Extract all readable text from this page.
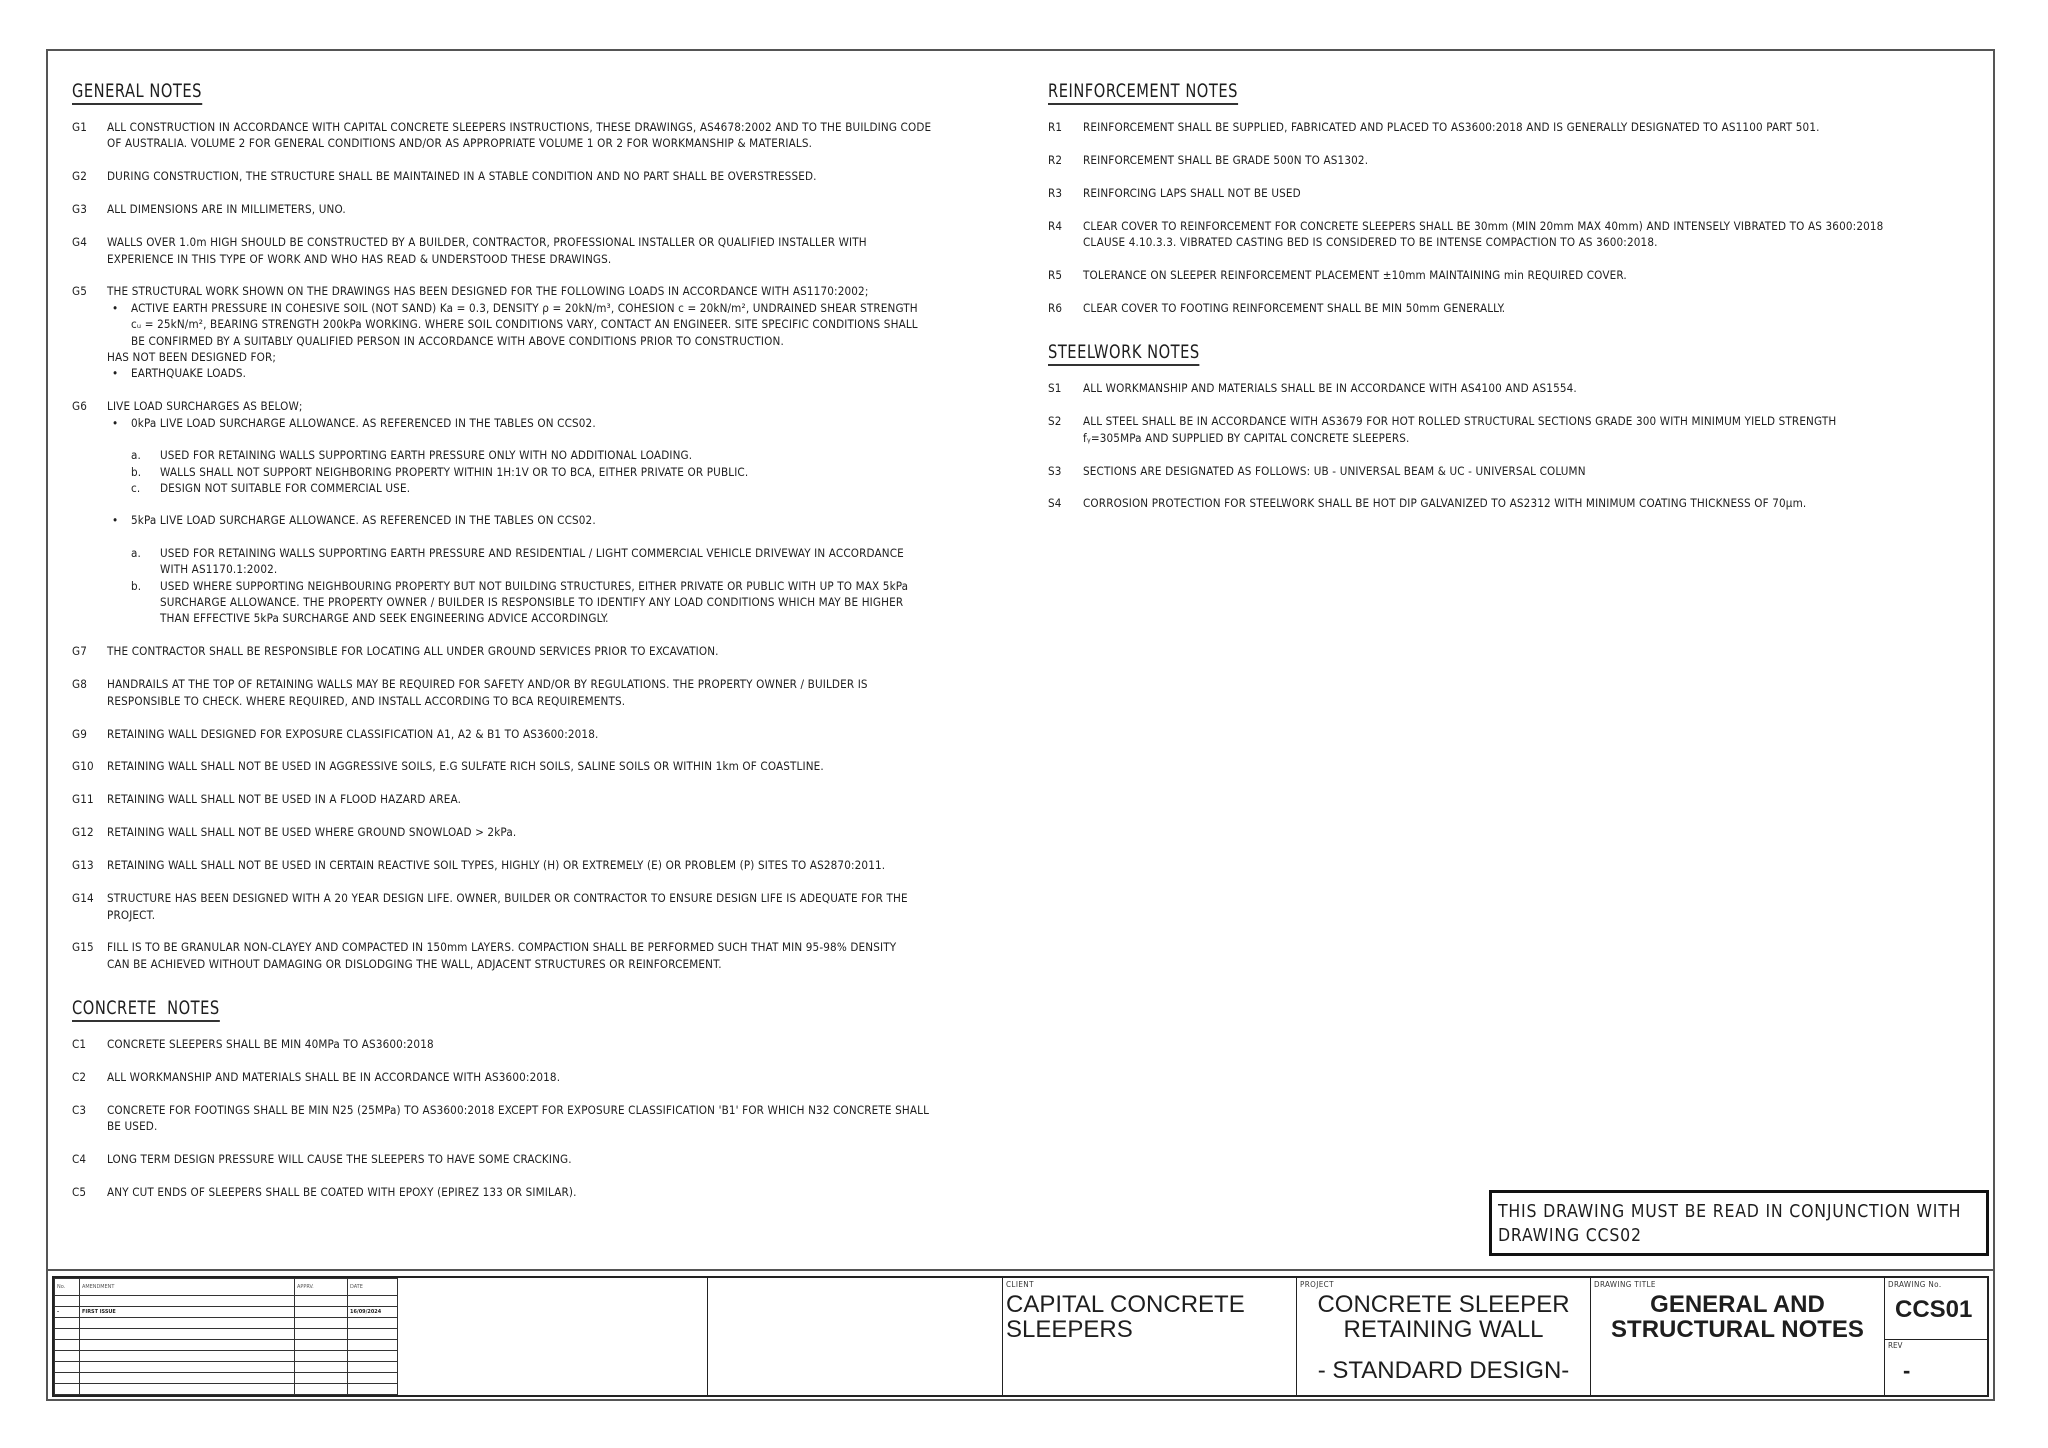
GENERAL NOTES
G1	ALL CONSTRUCTION IN ACCORDANCE WITH CAPITAL CONCRETE SLEEPERS INSTRUCTIONS, THESE DRAWINGS, AS4678:2002 AND TO THE BUILDING CODE

OF AUSTRALIA. VOLUME 2 FOR GENERAL CONDITIONS AND/OR AS APPROPRIATE VOLUME 1 OR 2 FOR WORKMANSHIP & MATERIALS.

G2	DURING CONSTRUCTION, THE STRUCTURE SHALL BE MAINTAINED IN A STABLE CONDITION AND NO PART SHALL BE OVERSTRESSED.

G3	ALL DIMENSIONS ARE IN MILLIMETERS, UNO.

G4	WALLS OVER 1.0m HIGH SHOULD BE CONSTRUCTED BY A BUILDER, CONTRACTOR, PROFESSIONAL INSTALLER OR QUALIFIED INSTALLER WITH

EXPERIENCE IN THIS TYPE OF WORK AND WHO HAS READ & UNDERSTOOD THESE DRAWINGS.

G5	THE STRUCTURAL WORK SHOWN ON THE DRAWINGS HAS BEEN DESIGNED FOR THE FOLLOWING LOADS IN ACCORDANCE WITH AS1170:2002;

•	ACTIVE EARTH PRESSURE IN COHESIVE SOIL (NOT SAND) Ka = 0.3, DENSITY ρ = 20kN/m³, COHESION c = 20kN/m², UNDRAINED SHEAR STRENGTH

cᵤ = 25kN/m², BEARING STRENGTH 200kPa WORKING. WHERE SOIL CONDITIONS VARY, CONTACT AN ENGINEER. SITE SPECIFIC CONDITIONS SHALL

BE CONFIRMED BY A SUITABLY QUALIFIED PERSON IN ACCORDANCE WITH ABOVE CONDITIONS PRIOR TO CONSTRUCTION.

HAS NOT BEEN DESIGNED FOR;

•	EARTHQUAKE LOADS.

G6	LIVE LOAD SURCHARGES AS BELOW;

•	0kPa LIVE LOAD SURCHARGE ALLOWANCE. AS REFERENCED IN THE TABLES ON CCS02.

a.	USED FOR RETAINING WALLS SUPPORTING EARTH PRESSURE ONLY WITH NO ADDITIONAL LOADING.

b.	WALLS SHALL NOT SUPPORT NEIGHBORING PROPERTY WITHIN 1H:1V OR TO BCA, EITHER PRIVATE OR PUBLIC.

c.	DESIGN NOT SUITABLE FOR COMMERCIAL USE.

•	5kPa LIVE LOAD SURCHARGE ALLOWANCE. AS REFERENCED IN THE TABLES ON CCS02.

a.	USED FOR RETAINING WALLS SUPPORTING EARTH PRESSURE AND RESIDENTIAL / LIGHT COMMERCIAL VEHICLE DRIVEWAY IN ACCORDANCE

WITH AS1170.1:2002.

b.	USED WHERE SUPPORTING NEIGHBOURING PROPERTY BUT NOT BUILDING STRUCTURES, EITHER PRIVATE OR PUBLIC WITH UP TO MAX 5kPa

SURCHARGE ALLOWANCE. THE PROPERTY OWNER / BUILDER IS RESPONSIBLE TO IDENTIFY ANY LOAD CONDITIONS WHICH MAY BE HIGHER

THAN EFFECTIVE 5kPa SURCHARGE AND SEEK ENGINEERING ADVICE ACCORDINGLY.

G7	THE CONTRACTOR SHALL BE RESPONSIBLE FOR LOCATING ALL UNDER GROUND SERVICES PRIOR TO EXCAVATION.

G8	HANDRAILS AT THE TOP OF RETAINING WALLS MAY BE REQUIRED FOR SAFETY AND/OR BY REGULATIONS. THE PROPERTY OWNER / BUILDER IS

RESPONSIBLE TO CHECK. WHERE REQUIRED, AND INSTALL ACCORDING TO BCA REQUIREMENTS.

G9	RETAINING WALL DESIGNED FOR EXPOSURE CLASSIFICATION A1, A2 & B1 TO AS3600:2018.

G10	RETAINING WALL SHALL NOT BE USED IN AGGRESSIVE SOILS, E.G SULFATE RICH SOILS, SALINE SOILS OR WITHIN 1km OF COASTLINE.

G11	RETAINING WALL SHALL NOT BE USED IN A FLOOD HAZARD AREA.

G12	RETAINING WALL SHALL NOT BE USED WHERE GROUND SNOWLOAD > 2kPa.

G13	RETAINING WALL SHALL NOT BE USED IN CERTAIN REACTIVE SOIL TYPES, HIGHLY (H) OR EXTREMELY (E) OR PROBLEM (P) SITES TO AS2870:2011.

G14	STRUCTURE HAS BEEN DESIGNED WITH A 20 YEAR DESIGN LIFE. OWNER, BUILDER OR CONTRACTOR TO ENSURE DESIGN LIFE IS ADEQUATE FOR THE

PROJECT.

G15	FILL IS TO BE GRANULAR NON-CLAYEY AND COMPACTED IN 150mm LAYERS. COMPACTION SHALL BE PERFORMED SUCH THAT MIN 95-98% DENSITY

CAN BE ACHIEVED WITHOUT DAMAGING OR DISLODGING THE WALL, ADJACENT STRUCTURES OR REINFORCEMENT.

CONCRETE  NOTES
C1	CONCRETE SLEEPERS SHALL BE MIN 40MPa TO AS3600:2018

C2	ALL WORKMANSHIP AND MATERIALS SHALL BE IN ACCORDANCE WITH AS3600:2018.

C3	CONCRETE FOR FOOTINGS SHALL BE MIN N25 (25MPa) TO AS3600:2018 EXCEPT FOR EXPOSURE CLASSIFICATION 'B1' FOR WHICH N32 CONCRETE SHALL

BE USED.

C4	LONG TERM DESIGN PRESSURE WILL CAUSE THE SLEEPERS TO HAVE SOME CRACKING.

C5	ANY CUT ENDS OF SLEEPERS SHALL BE COATED WITH EPOXY (EPIREZ 133 OR SIMILAR).

REINFORCEMENT NOTES
R1	REINFORCEMENT SHALL BE SUPPLIED, FABRICATED AND PLACED TO AS3600:2018 AND IS GENERALLY DESIGNATED TO AS1100 PART 501.

R2	REINFORCEMENT SHALL BE GRADE 500N TO AS1302.

R3	REINFORCING LAPS SHALL NOT BE USED

R4	CLEAR COVER TO REINFORCEMENT FOR CONCRETE SLEEPERS SHALL BE 30mm (MIN 20mm MAX 40mm) AND INTENSELY VIBRATED TO AS 3600:2018

CLAUSE 4.10.3.3. VIBRATED CASTING BED IS CONSIDERED TO BE INTENSE COMPACTION TO AS 3600:2018.

R5	TOLERANCE ON SLEEPER REINFORCEMENT PLACEMENT ±10mm MAINTAINING min REQUIRED COVER.

R6	CLEAR COVER TO FOOTING REINFORCEMENT SHALL BE MIN 50mm GENERALLY.

STEELWORK NOTES
S1	ALL WORKMANSHIP AND MATERIALS SHALL BE IN ACCORDANCE WITH AS4100 AND AS1554.

S2	ALL STEEL SHALL BE IN ACCORDANCE WITH AS3679 FOR HOT ROLLED STRUCTURAL SECTIONS GRADE 300 WITH MINIMUM YIELD STRENGTH

fᵧ=305MPa AND SUPPLIED BY CAPITAL CONCRETE SLEEPERS.

S3	SECTIONS ARE DESIGNATED AS FOLLOWS: UB - UNIVERSAL BEAM & UC - UNIVERSAL COLUMN

S4	CORROSION PROTECTION FOR STEELWORK SHALL BE HOT DIP GALVANIZED TO AS2312 WITH MINIMUM COATING THICKNESS OF 70µm.

THIS DRAWING MUST BE READ IN CONJUNCTION WITH
DRAWING CCS02
No.	AMENDMENT	APPRV.	DATE

-	FIRST ISSUE		16/09/2024

CLIENT
CAPITAL CONCRETE
SLEEPERS
PROJECT
CONCRETE SLEEPER
RETAINING WALL
- STANDARD DESIGN-
DRAWING TITLE
GENERAL AND
STRUCTURAL NOTES
DRAWING No.
CCS01
REV
-
